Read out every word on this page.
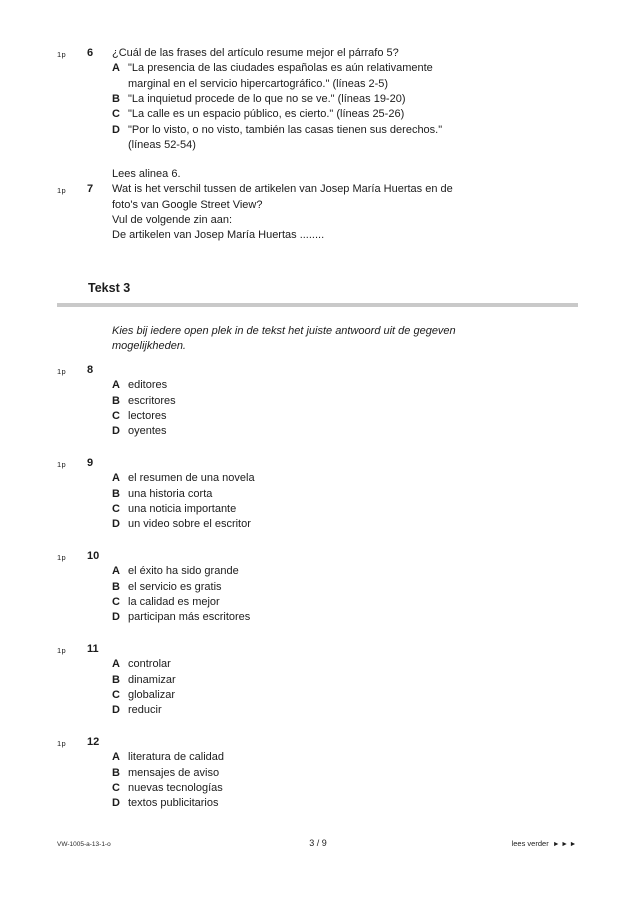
1p 6 ¿Cuál de las frases del artículo resume mejor el párrafo 5?
A "La presencia de las ciudades españolas es aún relativamente
marginal en el servicio hipercartográfico." (líneas 2-5)
B "La inquietud procede de lo que no se ve." (líneas 19-20)
C "La calle es un espacio público, es cierto." (líneas 25-26)
D "Por lo visto, o no visto, también las casas tienen sus derechos."
(líneas 52-54)
1p 7
Lees alinea 6.
Wat is het verschil tussen de artikelen van Josep María Huertas en de
foto's van Google Street View?
Vul de volgende zin aan:
De artikelen van Josep María Huertas ........
1p 8
A editores
B escritores
C lectores
D oyentes
1p 9
A el resumen de una novela
B una historia corta
C una noticia importante
D un video sobre el escritor
1p 10
A el éxito ha sido grande
B el servicio es gratis
C la calidad es mejor
D participan más escritores
1p 11
A controlar
B dinamizar
C globalizar
D reducir
1p 12
A literatura de calidad
B mensajes de aviso
C nuevas tecnologías
D textos publicitarios
Tekst 3
Kies bij iedere open plek in de tekst het juiste antwoord uit de gegeven
mogelijkheden.
VW-1005-a-13-1-o	3 / 9	lees verder ►►►
